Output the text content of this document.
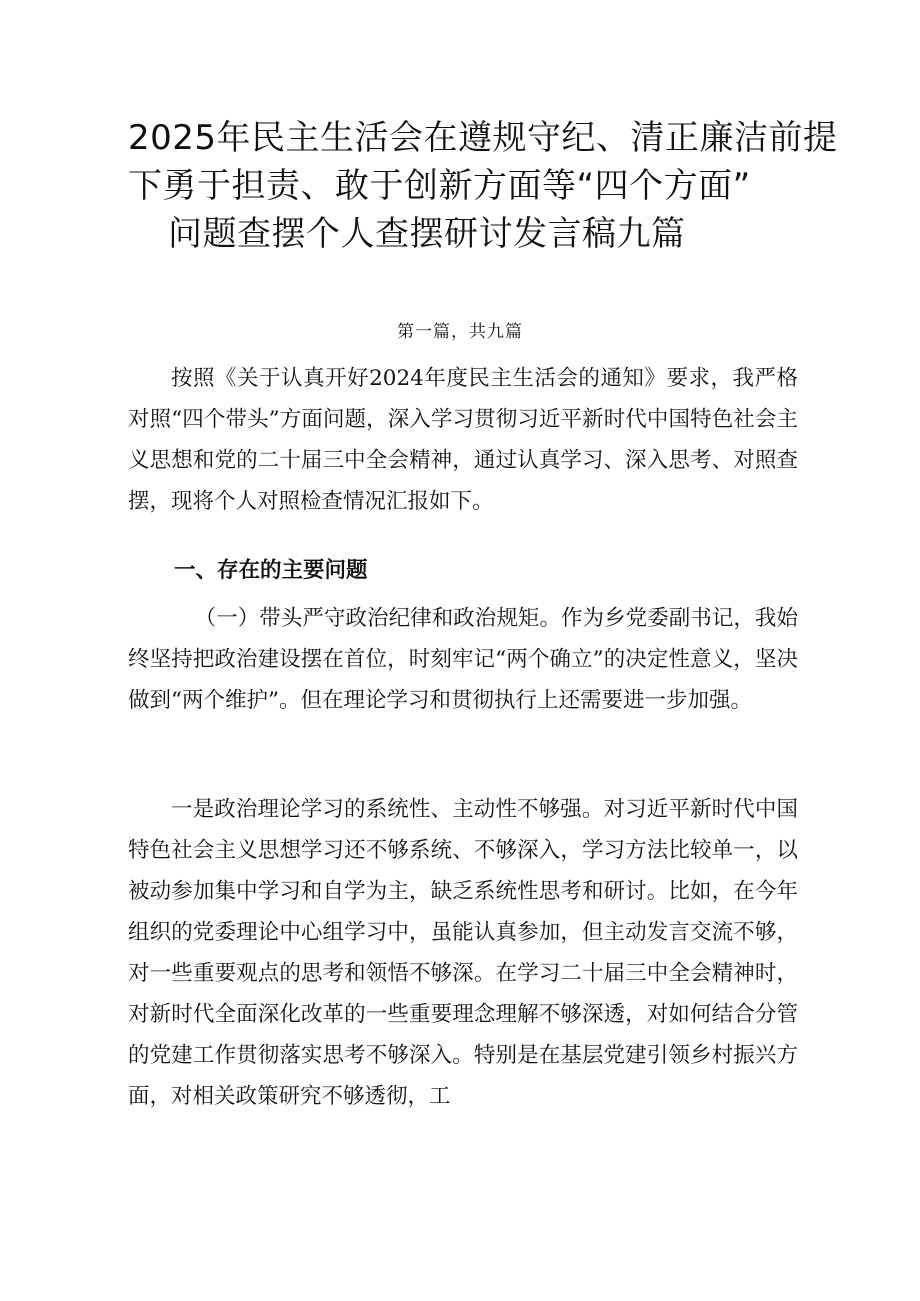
2025年民主生活会在遵规守纪、清正廉洁前提
下勇于担责、敢于创新方面等“四个方面”
问题查摆个人查摆研讨发言稿九篇
第一篇，共九篇

按照《关于认真开好2024年度民主生活会的通知》要求，我严格对照“四个带头”方面问题，深入学习贯彻习近平新时代中国特色社会主义思想和党的二十届三中全会精神，通过认真学习、深入思考、对照查摆，现将个人对照检查情况汇报如下。

一、存在的主要问题

（一）带头严守政治纪律和政治规矩。作为乡党委副书记，我始终坚持把政治建设摆在首位，时刻牢记“两个确立”的决定性意义，坚决做到“两个维护”。但在理论学习和贯彻执行上还需要进一步加强。

一是政治理论学习的系统性、主动性不够强。对习近平新时代中国特色社会主义思想学习还不够系统、不够深入，学习方法比较单一，以被动参加集中学习和自学为主，缺乏系统性思考和研讨。比如，在今年组织的党委理论中心组学习中，虽能认真参加，但主动发言交流不够，对一些重要观点的思考和领悟不够深。在学习二十届三中全会精神时，对新时代全面深化改革的一些重要理念理解不够深透，对如何结合分管的党建工作贯彻落实思考不够深入。特别是在基层党建引领乡村振兴方面，对相关政策研究不够透彻，工
